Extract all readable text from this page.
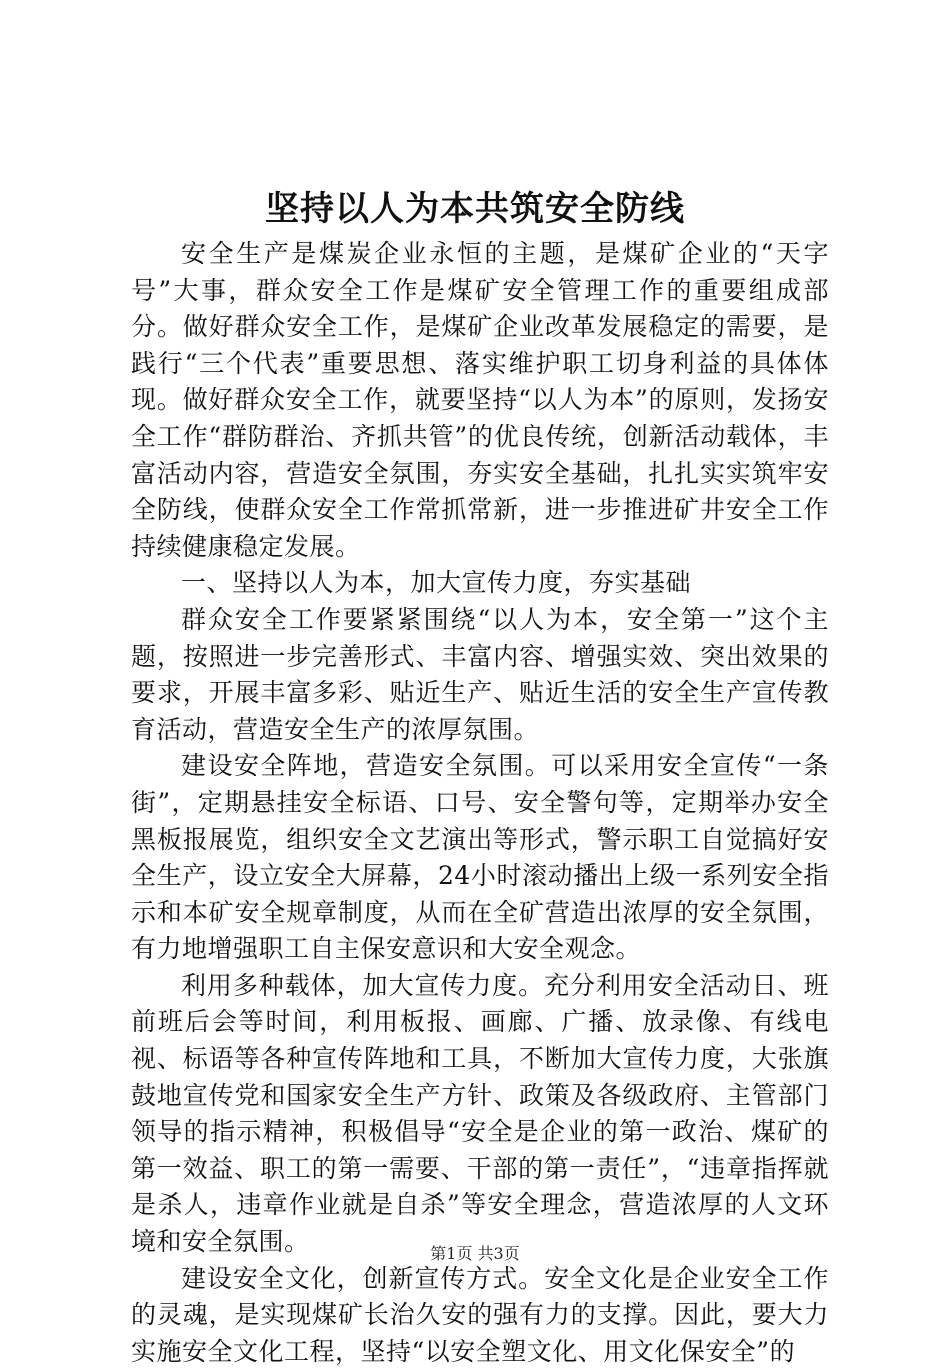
坚持以人为本共筑安全防线

安全生产是煤炭企业永恒的主题，是煤矿企业的“天字号”大事，群众安全工作是煤矿安全管理工作的重要组成部分。做好群众安全工作，是煤矿企业改革发展稳定的需要，是践行“三个代表”重要思想、落实维护职工切身利益的具体体现。做好群众安全工作，就要坚持“以人为本”的原则，发扬安全工作“群防群治、齐抓共管”的优良传统，创新活动载体，丰富活动内容，营造安全氛围，夯实安全基础，扎扎实实筑牢安全防线，使群众安全工作常抓常新，进一步推进矿井安全工作持续健康稳定发展。

一、坚持以人为本，加大宣传力度，夯实基础

群众安全工作要紧紧围绕“以人为本，安全第一”这个主题，按照进一步完善形式、丰富内容、增强实效、突出效果的要求，开展丰富多彩、贴近生产、贴近生活的安全生产宣传教育活动，营造安全生产的浓厚氛围。

建设安全阵地，营造安全氛围。可以采用安全宣传“一条街”，定期悬挂安全标语、口号、安全警句等，定期举办安全黑板报展览，组织安全文艺演出等形式，警示职工自觉搞好安全生产，设立安全大屏幕，24小时滚动播出上级一系列安全指示和本矿安全规章制度，从而在全矿营造出浓厚的安全氛围，有力地增强职工自主保安意识和大安全观念。

利用多种载体，加大宣传力度。充分利用安全活动日、班前班后会等时间，利用板报、画廊、广播、放录像、有线电视、标语等各种宣传阵地和工具，不断加大宣传力度，大张旗鼓地宣传党和国家安全生产方针、政策及各级政府、主管部门领导的指示精神，积极倡导“安全是企业的第一政治、煤矿的第一效益、职工的第一需要、干部的第一责任”，“违章指挥就是杀人，违章作业就是自杀”等安全理念，营造浓厚的人文环境和安全氛围。

建设安全文化，创新宣传方式。安全文化是企业安全工作的灵魂，是实现煤矿长治久安的强有力的支撑。因此，要大力实施安全文化工程，坚持“以安全塑文化、用文化保安全”的

第1页 共3页
